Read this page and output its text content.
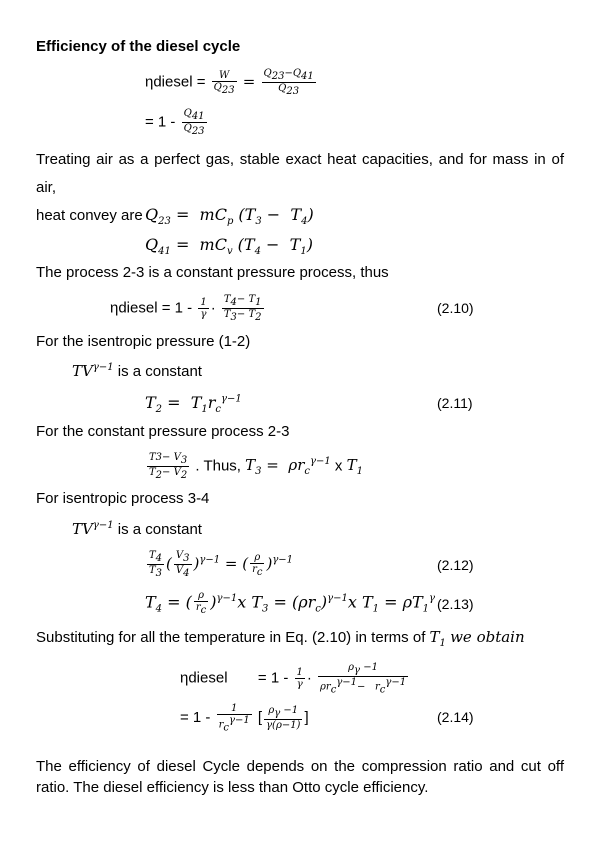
Efficiency of the diesel cycle
ηdiesel = $\frac{W}{Q_{23}} = \frac{Q_{23}-Q_{41}}{Q_{23}}$
= $1 - \frac{Q_{41}}{Q_{23}}$
Treating air as a perfect gas, stable exact heat capacities, and for mass in of air,
heat convey are $Q_{23} = mC_p$ $(T_3 - T_4)$
$Q_{41} = mC_v$ $(T_4 - T_1)$
The process 2-3 is a constant pressure process, thus
ηdiesel = $1 - \frac{1}{\gamma} \cdot \frac{T_4- T_1}{T_3- T_2}$	(2.10)
For the isentropic pressure (1-2)
$TV^{\gamma-1}$ is a constant
$T_2 = T_1r_c^{\gamma-1}$	(2.11)
For the constant pressure process 2-3
$\frac{T3- V_3}{T_2- V_2}$ . Thus, $T_3 = \rho r_c^{\gamma-1}$ x $T_1$
For isentropic process 3-4
$TV^{\gamma-1}$ is a constant
$\frac{T_4}{T_3}$ ( $\frac{V_3}{V_4} )^{\gamma-1}$ = ( $\frac{\rho}{r_c} )^{\gamma-1}$	(2.12)
$T_4$ = ( $\frac{\rho}{r_c} )^{\gamma-1}x$ $T_3 = (\rho r_c)^{\gamma-1}x$ $T_1 = \rho T_1^\gamma$ (2.13)
Substituting for all the temperature in Eq. (2.10) in terms of $T_1$ we obtain
ηdiesel = $1 - \frac{1}{\gamma} \cdot \frac{\rho_\gamma -1}{\rho r_c^{\gamma-1}- r_c^{\gamma-1}}$
= $1 - \frac{1}{r_c^{\gamma-1}}$ [ $\frac{\rho_\gamma -1}{\gamma(\rho-1)}$ ]	(2.14)
The efficiency of diesel Cycle depends on the compression ratio and cut off ratio. The diesel efficiency is less than Otto cycle efficiency.
